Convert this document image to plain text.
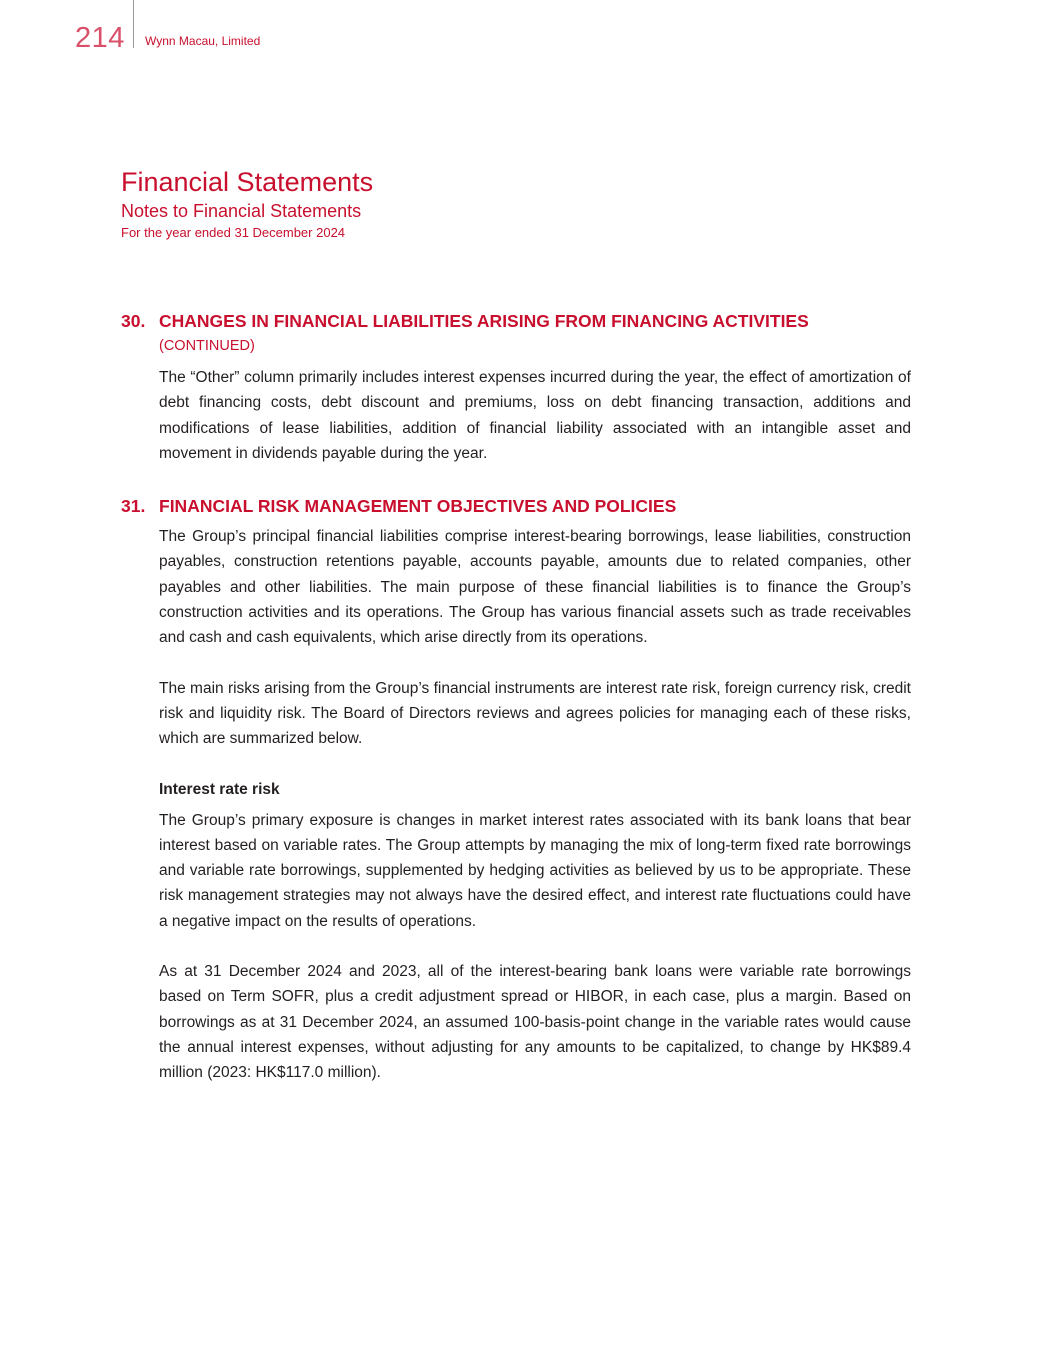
214 Wynn Macau, Limited
Financial Statements

Notes to Financial Statements

For the year ended 31 December 2024

30. CHANGES IN FINANCIAL LIABILITIES ARISING FROM FINANCING ACTIVITIES
(CONTINUED)

The “Other” column primarily includes interest expenses incurred during the year, the effect of amortization of debt financing costs, debt discount and premiums, loss on debt financing transaction, additions and modifications of lease liabilities, addition of financial liability associated with an intangible asset and movement in dividends payable during the year.

31. FINANCIAL RISK MANAGEMENT OBJECTIVES AND POLICIES

The Group’s principal financial liabilities comprise interest-bearing borrowings, lease liabilities, construction payables, construction retentions payable, accounts payable, amounts due to related companies, other payables and other liabilities. The main purpose of these financial liabilities is to finance the Group’s construction activities and its operations. The Group has various financial assets such as trade receivables and cash and cash equivalents, which arise directly from its operations.

The main risks arising from the Group’s financial instruments are interest rate risk, foreign currency risk, credit risk and liquidity risk. The Board of Directors reviews and agrees policies for managing each of these risks, which are summarized below.

Interest rate risk

The Group’s primary exposure is changes in market interest rates associated with its bank loans that bear interest based on variable rates. The Group attempts by managing the mix of long-term fixed rate borrowings and variable rate borrowings, supplemented by hedging activities as believed by us to be appropriate. These risk management strategies may not always have the desired effect, and interest rate fluctuations could have a negative impact on the results of operations.

As at 31 December 2024 and 2023, all of the interest-bearing bank loans were variable rate borrowings based on Term SOFR, plus a credit adjustment spread or HIBOR, in each case, plus a margin. Based on borrowings as at 31 December 2024, an assumed 100-basis-point change in the variable rates would cause the annual interest expenses, without adjusting for any amounts to be capitalized, to change by HK$89.4 million (2023: HK$117.0 million).
